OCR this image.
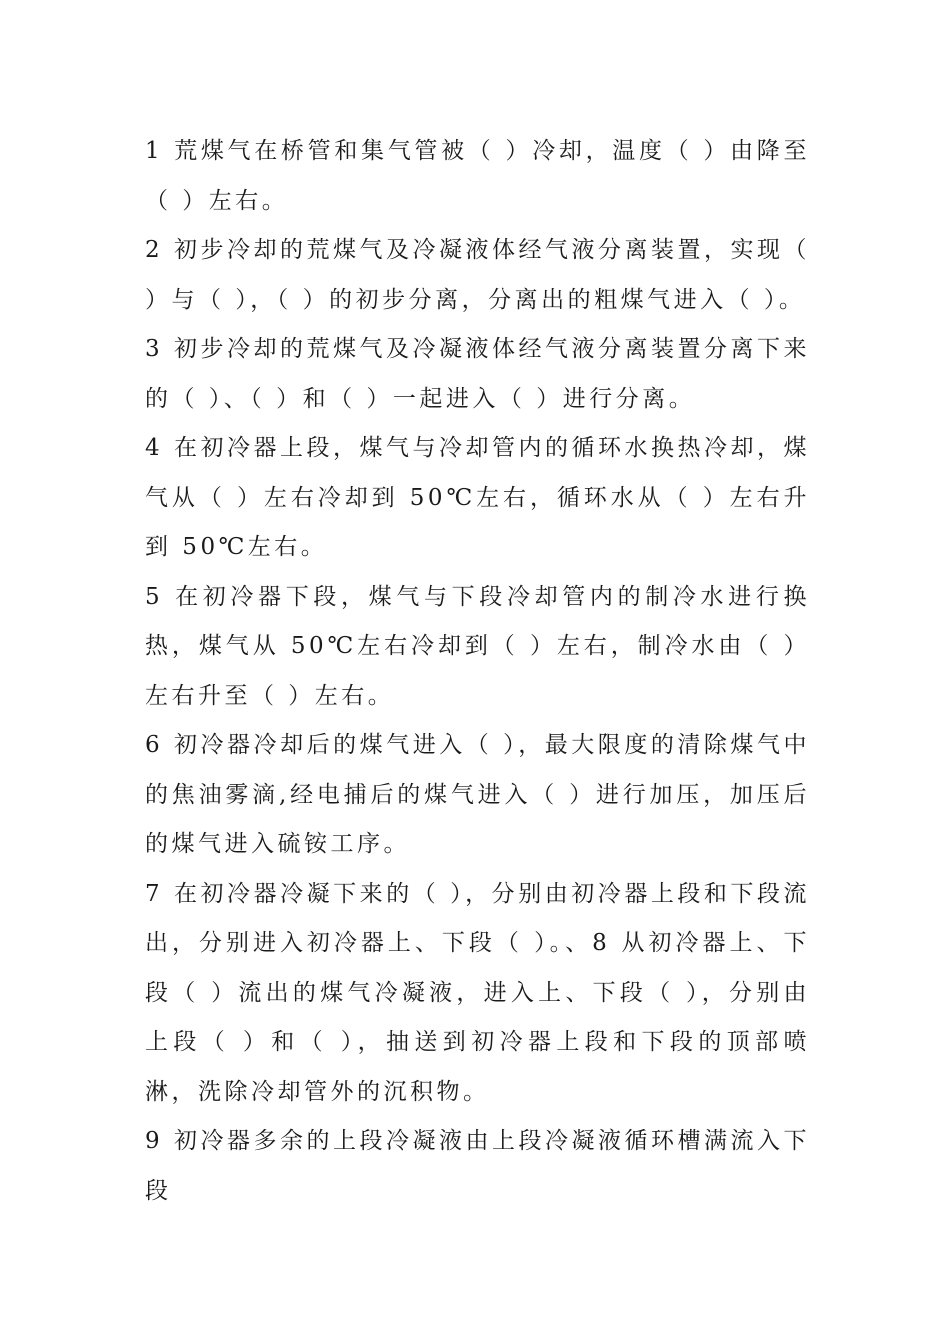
1 荒煤气在桥管和集气管被（ ）冷却，温度（ ）由降至（ ）左右。

2 初步冷却的荒煤气及冷凝液体经气液分离装置，实现（ ）与（ ），（ ）的初步分离，分离出的粗煤气进入（ ）。

3 初步冷却的荒煤气及冷凝液体经气液分离装置分离下来的（ ）、（ ）和（ ）一起进入（ ）进行分离。

4 在初冷器上段，煤气与冷却管内的循环水换热冷却，煤气从（ ）左右冷却到 50℃左右，循环水从（ ）左右升到 50℃左右。

5 在初冷器下段，煤气与下段冷却管内的制冷水进行换热，煤气从 50℃左右冷却到（ ）左右，制冷水由（ ）左右升至（ ）左右。

6 初冷器冷却后的煤气进入（ ），最大限度的清除煤气中的焦油雾滴,经电捕后的煤气进入（ ）进行加压，加压后的煤气进入硫铵工序。

7 在初冷器冷凝下来的（ ），分别由初冷器上段和下段流出，分别进入初冷器上、下段（ ）。、8 从初冷器上、下段（ ）流出的煤气冷凝液，进入上、下段（ ），分别由上段（ ）和（ ），抽送到初冷器上段和下段的顶部喷淋，洗除冷却管外的沉积物。

9 初冷器多余的上段冷凝液由上段冷凝液循环槽满流入下段
